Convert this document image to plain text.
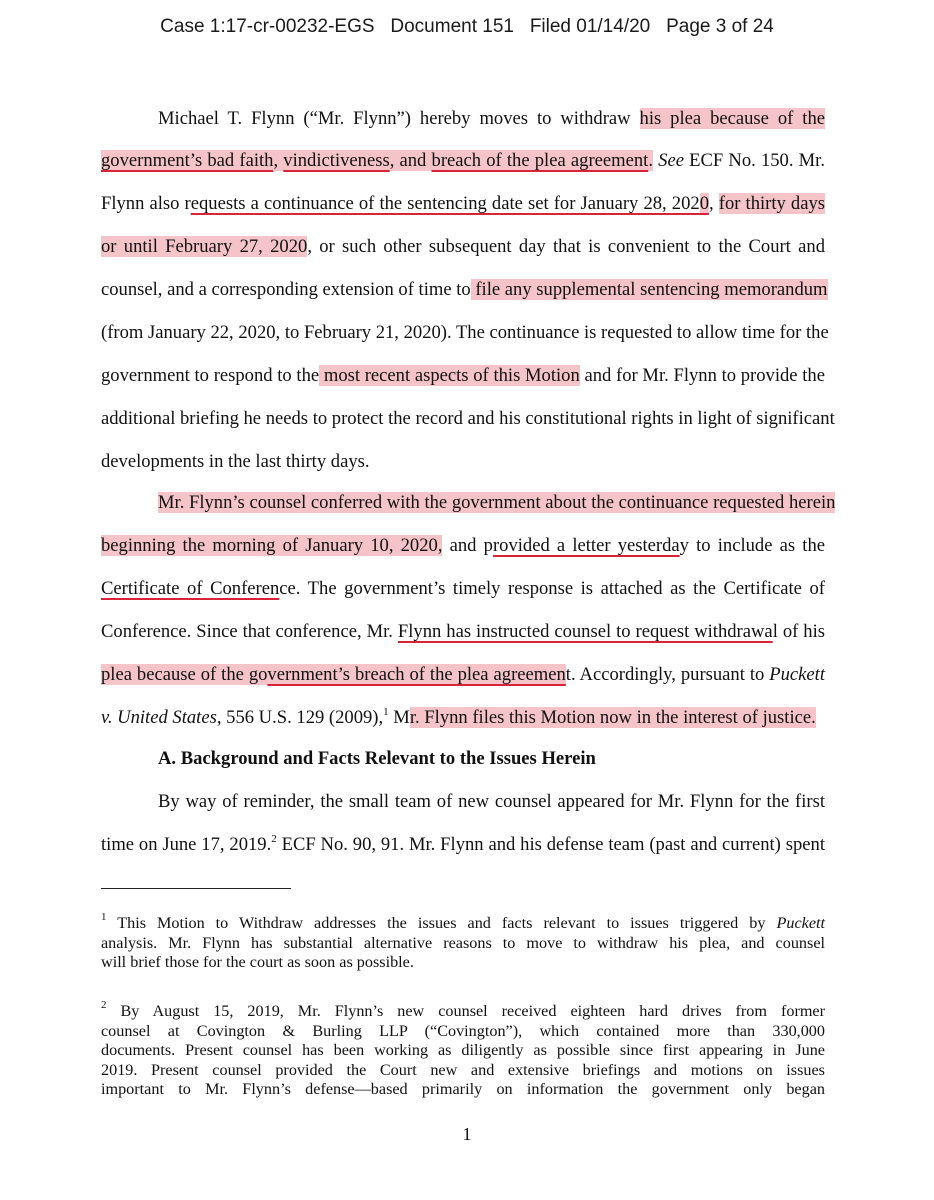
Case 1:17-cr-00232-EGS Document 151 Filed 01/14/20 Page 3 of 24
Michael T. Flynn (“Mr. Flynn”) hereby moves to withdraw his plea because of the
government’s bad faith, vindictiveness, and breach of the plea agreement. See ECF No. 150. Mr.
Flynn also requests a continuance of the sentencing date set for January 28, 2020, for thirty days
or until February 27, 2020, or such other subsequent day that is convenient to the Court and
counsel, and a corresponding extension of time to file any supplemental sentencing memorandum
(from January 22, 2020, to February 21, 2020). The continuance is requested to allow time for the
government to respond to the most recent aspects of this Motion and for Mr. Flynn to provide the
additional briefing he needs to protect the record and his constitutional rights in light of significant
developments in the last thirty days.
Mr. Flynn’s counsel conferred with the government about the continuance requested herein
beginning the morning of January 10, 2020, and provided a letter yesterday to include as the
Certificate of Conference. The government’s timely response is attached as the Certificate of
Conference. Since that conference, Mr. Flynn has instructed counsel to request withdrawal of his
plea because of the government’s breach of the plea agreement. Accordingly, pursuant to Puckett
v. United States, 556 U.S. 129 (2009),$^1$ Mr. Flynn files this Motion now in the interest of justice.
A. Background and Facts Relevant to the Issues Herein
By way of reminder, the small team of new counsel appeared for Mr. Flynn for the first
time on June 17, 2019.$^2$ ECF No. 90, 91. Mr. Flynn and his defense team (past and current) spent
$^1$ This Motion to Withdraw addresses the issues and facts relevant to issues triggered by Puckett
analysis. Mr. Flynn has substantial alternative reasons to move to withdraw his plea, and counsel
will brief those for the court as soon as possible.
$^2$ By August 15, 2019, Mr. Flynn’s new counsel received eighteen hard drives from former
counsel at Covington & Burling LLP (“Covington”), which contained more than 330,000
documents. Present counsel has been working as diligently as possible since first appearing in June
2019. Present counsel provided the Court new and extensive briefings and motions on issues
important to Mr. Flynn’s defense—based primarily on information the government only began
1
